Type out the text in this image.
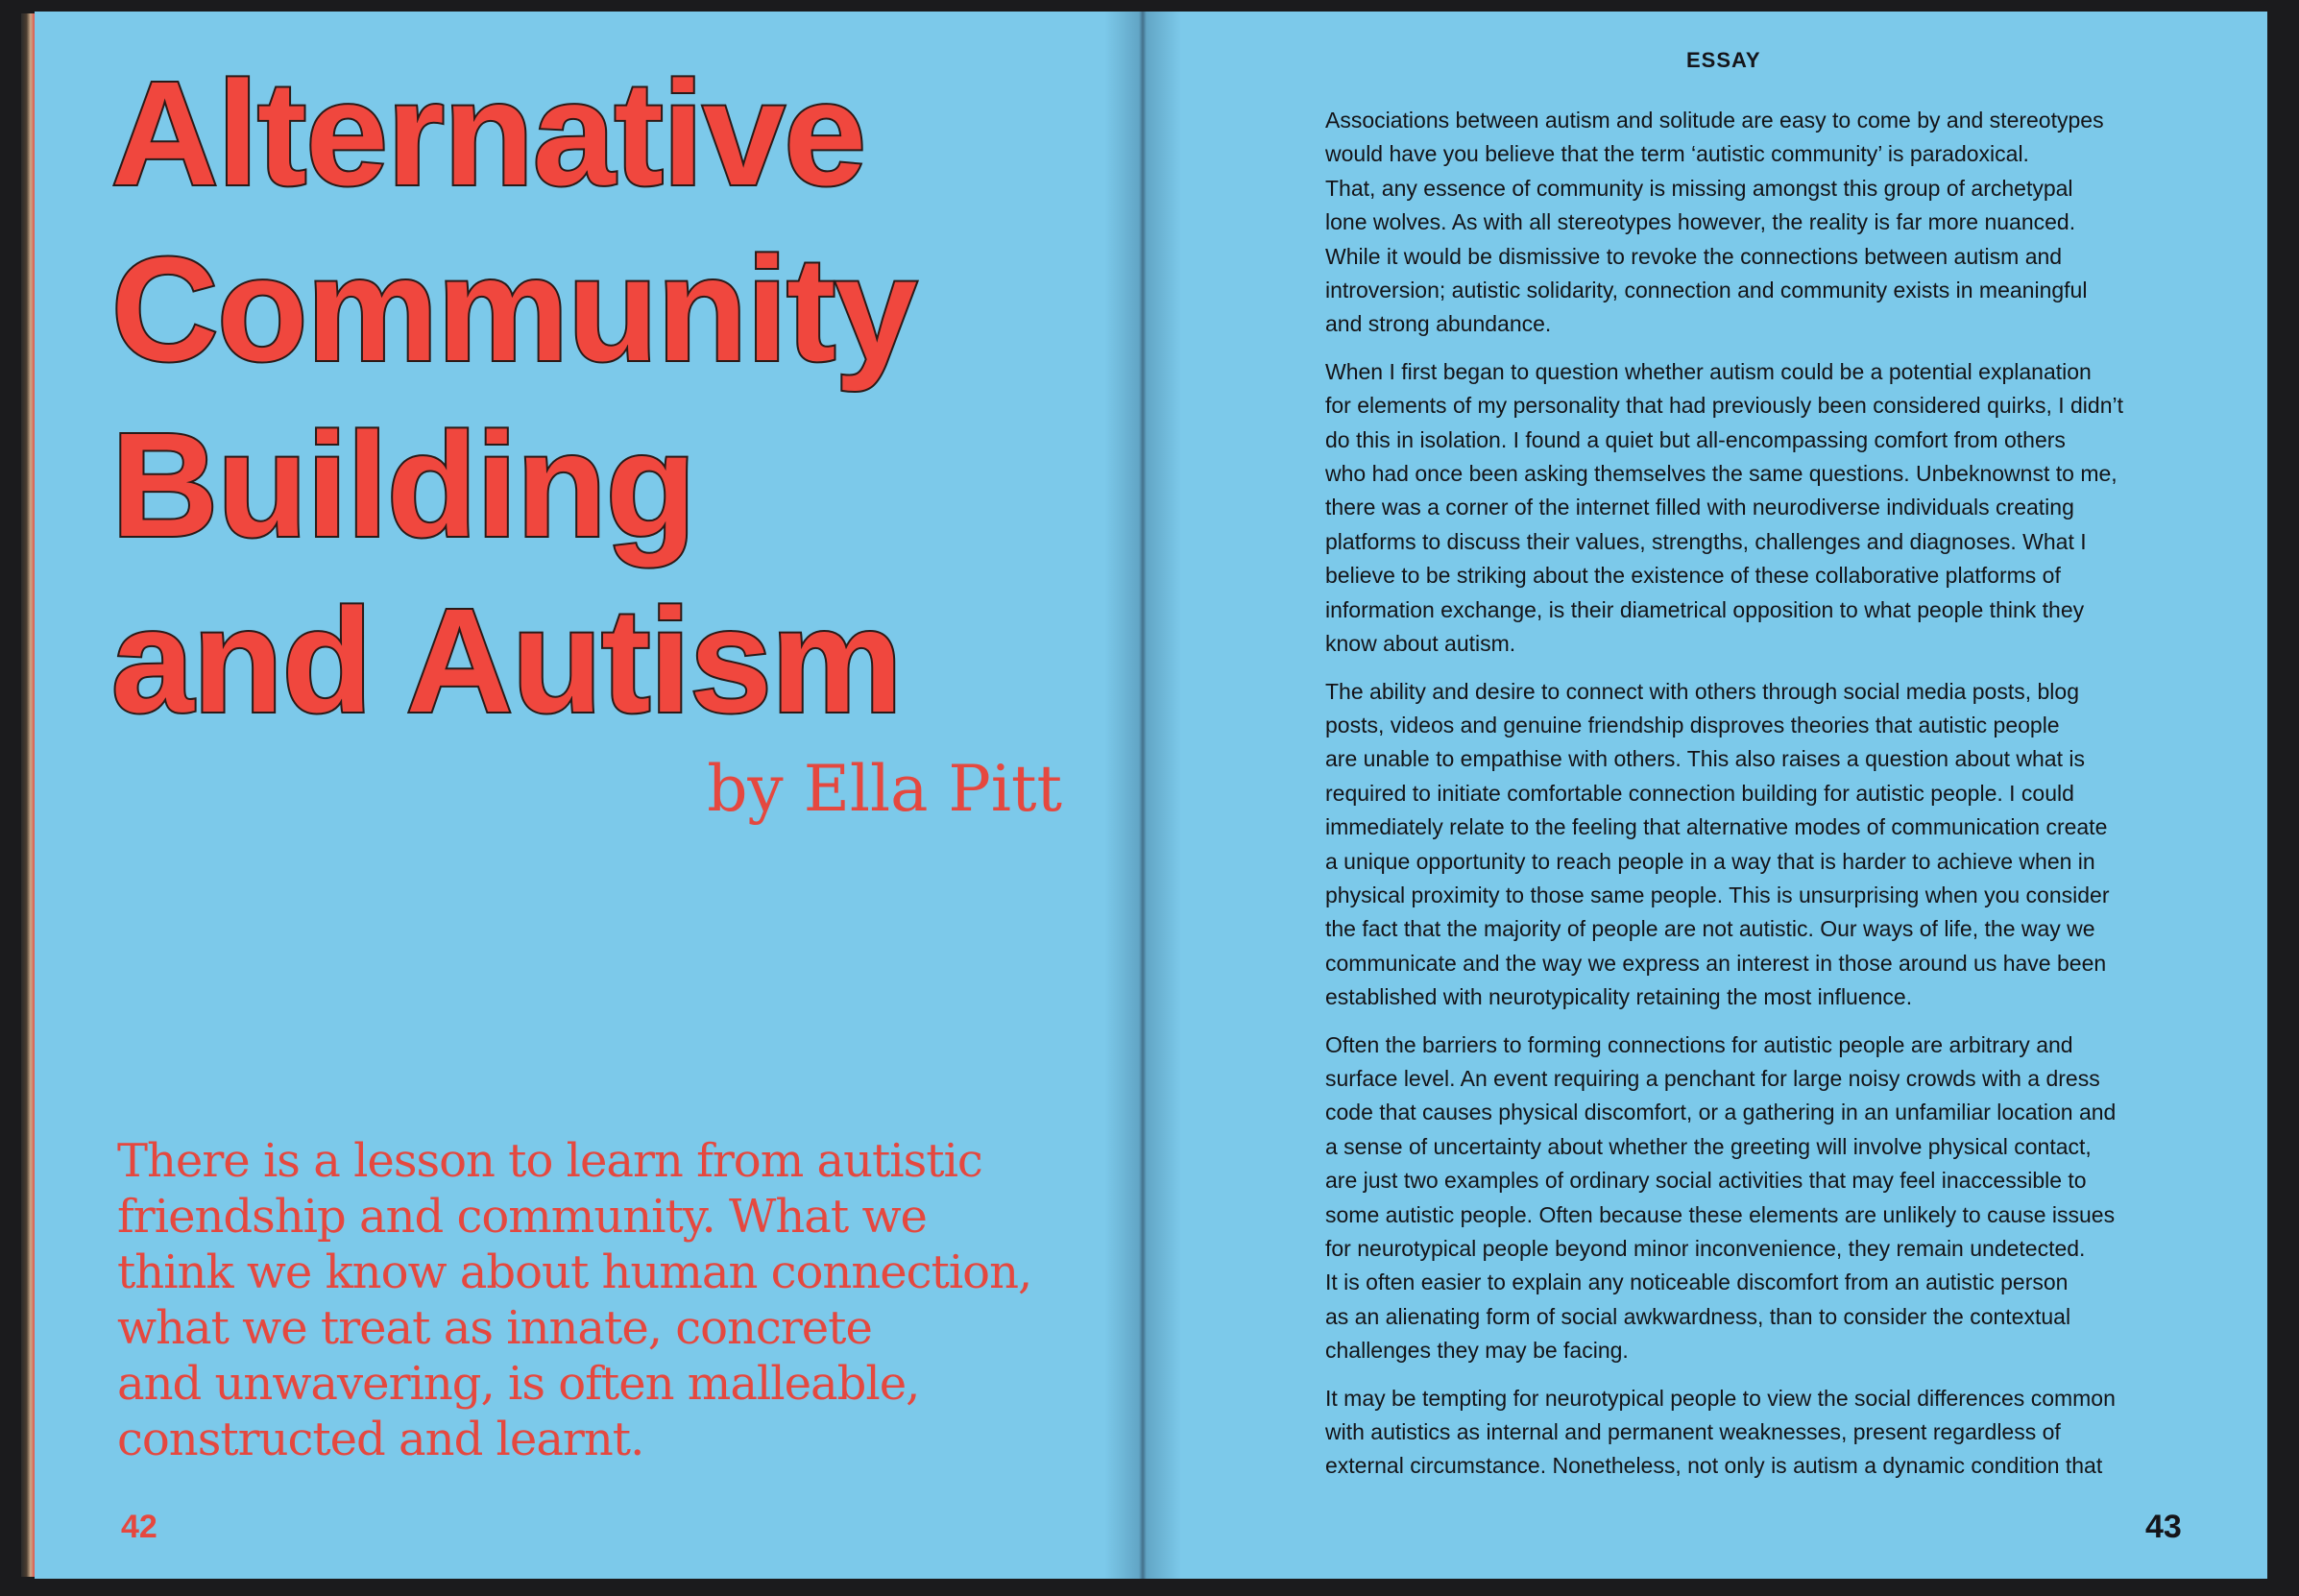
Alternative
Community
Building
and Autism
by Ella Pitt
There is a lesson to learn from autistic
friendship and community. What we
think we know about human connection,
what we treat as innate, concrete
and unwavering, is often malleable,
constructed and learnt.
42
ESSAY

Associations between autism and solitude are easy to come by and stereotypes
would have you believe that the term ‘autistic community’ is paradoxical.
That, any essence of community is missing amongst this group of archetypal
lone wolves. As with all stereotypes however, the reality is far more nuanced.
While it would be dismissive to revoke the connections between autism and
introversion; autistic solidarity, connection and community exists in meaningful
and strong abundance.

When I first began to question whether autism could be a potential explanation
for elements of my personality that had previously been considered quirks, I didn’t
do this in isolation. I found a quiet but all-encompassing comfort from others
who had once been asking themselves the same questions. Unbeknownst to me,
there was a corner of the internet filled with neurodiverse individuals creating
platforms to discuss their values, strengths, challenges and diagnoses. What I
believe to be striking about the existence of these collaborative platforms of
information exchange, is their diametrical opposition to what people think they
know about autism.

The ability and desire to connect with others through social media posts, blog
posts, videos and genuine friendship disproves theories that autistic people
are unable to empathise with others. This also raises a question about what is
required to initiate comfortable connection building for autistic people. I could
immediately relate to the feeling that alternative modes of communication create
a unique opportunity to reach people in a way that is harder to achieve when in
physical proximity to those same people. This is unsurprising when you consider
the fact that the majority of people are not autistic. Our ways of life, the way we
communicate and the way we express an interest in those around us have been
established with neurotypicality retaining the most influence.

Often the barriers to forming connections for autistic people are arbitrary and
surface level. An event requiring a penchant for large noisy crowds with a dress
code that causes physical discomfort, or a gathering in an unfamiliar location and
a sense of uncertainty about whether the greeting will involve physical contact,
are just two examples of ordinary social activities that may feel inaccessible to
some autistic people. Often because these elements are unlikely to cause issues
for neurotypical people beyond minor inconvenience, they remain undetected.
It is often easier to explain any noticeable discomfort from an autistic person
as an alienating form of social awkwardness, than to consider the contextual
challenges they may be facing.

It may be tempting for neurotypical people to view the social differences common
with autistics as internal and permanent weaknesses, present regardless of
external circumstance. Nonetheless, not only is autism a dynamic condition that

43
